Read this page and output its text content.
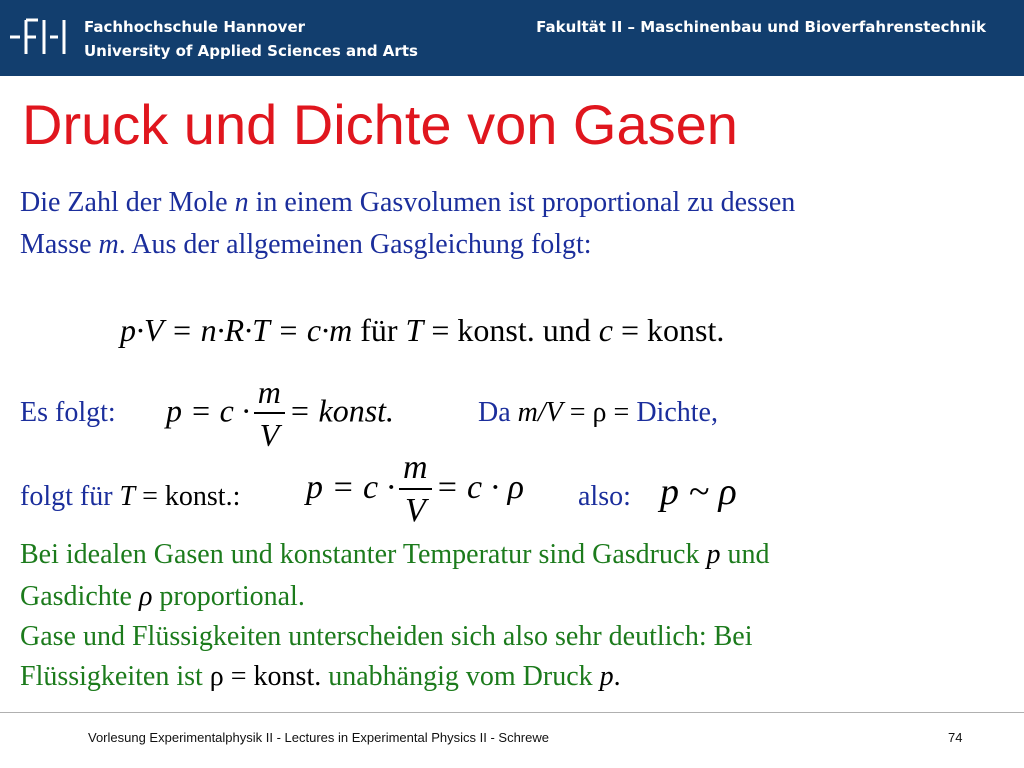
Fachhochschule Hannover
University of Applied Sciences and Arts
Fakultät II – Maschinenbau und Bioverfahrenstechnik
Druck und Dichte von Gasen
Die Zahl der Mole n in einem Gasvolumen ist proportional zu dessen
Masse m. Aus der allgemeinen Gasgleichung folgt:
p·V = n·R·T = c·m für T = konst. und c = konst.
Es folgt: $p = c \cdot \frac{m}{V}$ = konst.	Da m/V = ρ = Dichte,
folgt für T = konst.: $p = c \cdot \frac{m}{V} = c \cdot \rho$ also: p ~ ρ
Bei idealen Gasen und konstanter Temperatur sind Gasdruck p und
Gasdichte ρ proportional.
Gase und Flüssigkeiten unterscheiden sich also sehr deutlich: Bei
Flüssigkeiten ist ρ = konst. unabhängig vom Druck p.
Vorlesung Experimentalphysik II - Lectures in Experimental Physics II - Schrewe	74
